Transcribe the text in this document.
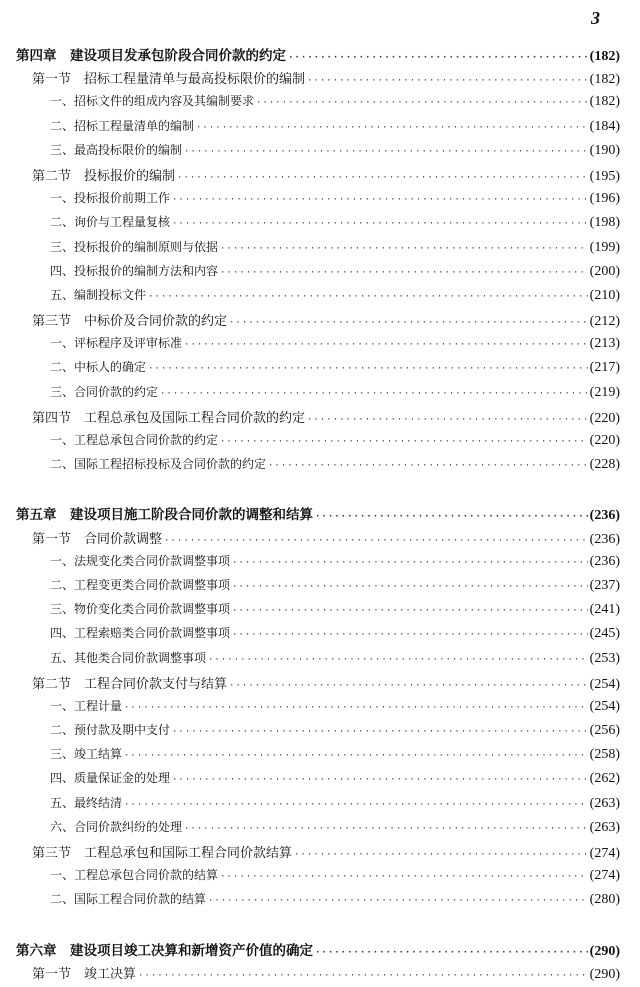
3
第四章　建设项目发承包阶段合同价款的约定 ·····	(182)
第一节　招标工程量清单与最高投标限价的编制 ·····	(182)
一、招标文件的组成内容及其编制要求 ·····	(182)
二、招标工程量清单的编制 ·····	(184)
三、最高投标限价的编制 ·····	(190)
第二节　投标报价的编制 ·····	(195)
一、投标报价前期工作 ·····	(196)
二、询价与工程量复核 ·····	(198)
三、投标报价的编制原则与依据 ·····	(199)
四、投标报价的编制方法和内容 ·····	(200)
五、编制投标文件 ·····	(210)
第三节　中标价及合同价款的约定 ·····	(212)
一、评标程序及评审标准 ·····	(213)
二、中标人的确定 ·····	(217)
三、合同价款的约定 ·····	(219)
第四节　工程总承包及国际工程合同价款的约定 ·····	(220)
一、工程总承包合同价款的约定 ·····	(220)
二、国际工程招标投标及合同价款的约定 ·····	(228)
第五章　建设项目施工阶段合同价款的调整和结算 ·····	(236)
第一节　合同价款调整 ·····	(236)
一、法规变化类合同价款调整事项 ·····	(236)
二、工程变更类合同价款调整事项 ·····	(237)
三、物价变化类合同价款调整事项 ·····	(241)
四、工程索赔类合同价款调整事项 ·····	(245)
五、其他类合同价款调整事项 ·····	(253)
第二节　工程合同价款支付与结算 ·····	(254)
一、工程计量 ·····	(254)
二、预付款及期中支付 ·····	(256)
三、竣工结算 ·····	(258)
四、质量保证金的处理 ·····	(262)
五、最终结清 ·····	(263)
六、合同价款纠纷的处理 ·····	(263)
第三节　工程总承包和国际工程合同价款结算 ·····	(274)
一、工程总承包合同价款的结算 ·····	(274)
二、国际工程合同价款的结算 ·····	(280)
第六章　建设项目竣工决算和新增资产价值的确定 ·····	(290)
第一节　竣工决算 ·····	(290)
